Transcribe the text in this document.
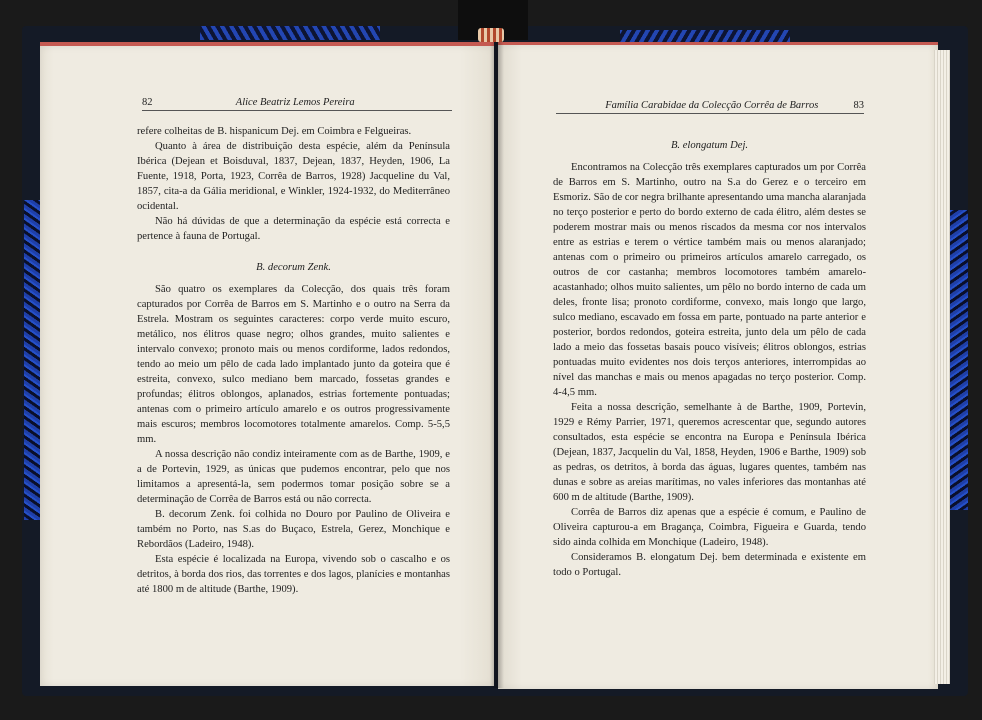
82	Alice Beatriz Lemos Pereira

refere colheitas de B. hispanicum Dej. em Coimbra e Felgueiras.

Quanto à área de distribuição desta espécie, além da Península Ibérica (Dejean et Boisduval, 1837, Dejean, 1837, Heyden, 1906, La Fuente, 1918, Porta, 1923, Corrêa de Barros, 1928) Jacqueline du Val, 1857, cita-a da Gália meridional, e Winkler, 1924-1932, do Mediterrâneo ocidental.

Não há dúvidas de que a determinação da espécie está correcta e pertence à fauna de Portugal.

B. decorum Zenk.

São quatro os exemplares da Colecção, dos quais três foram capturados por Corrêa de Barros em S. Martinho e o outro na Serra da Estrela. Mostram os seguintes caracteres: corpo verde muito escuro, metálico, nos élitros quase negro; olhos grandes, muito salientes e intervalo convexo; pronoto mais ou menos cordiforme, lados redondos, tendo ao meio um pêlo de cada lado implantado junto da goteira que é estreita, convexo, sulco mediano bem marcado, fossetas grandes e profundas; élitros oblongos, aplanados, estrias fortemente pontuadas; antenas com o primeiro artículo amarelo e os outros progressivamente mais escuros; membros locomotores totalmente amarelos. Comp. 5-5,5 mm.

A nossa descrição não condiz inteiramente com as de Barthe, 1909, e a de Portevin, 1929, as únicas que pudemos encontrar, pelo que nos limitamos a apresentá-la, sem podermos tomar posição sobre se a determinação de Corrêa de Barros está ou não correcta.

B. decorum Zenk. foi colhida no Douro por Paulino de Oliveira e também no Porto, nas S.as do Buçaco, Estrela, Gerez, Monchique e Rebordãos (Ladeiro, 1948).

Esta espécie é localizada na Europa, vivendo sob o cascalho e os detritos, à borda dos rios, das torrentes e dos lagos, planícies e montanhas até 1800 m de altitude (Barthe, 1909).

Família Carabidae da Colecção Corrêa de Barros	83

B. elongatum Dej.

Encontramos na Colecção três exemplares capturados um por Corrêa de Barros em S. Martinho, outro na S.a do Gerez e o terceiro em Esmoriz. São de cor negra brilhante apresentando uma mancha alaranjada no terço posterior e perto do bordo externo de cada élitro, além destes se poderem mostrar mais ou menos riscados da mesma cor nos intervalos entre as estrias e terem o vértice também mais ou menos alaranjado; antenas com o primeiro ou primeiros artículos amarelo carregado, os outros de cor castanha; membros locomotores também amarelo-acastanhado; olhos muito salientes, um pêlo no bordo interno de cada um deles, fronte lisa; pronoto cordiforme, convexo, mais longo que largo, sulco mediano, escavado em fossa em parte, pontuado na parte anterior e posterior, bordos redondos, goteira estreita, junto dela um pêlo de cada lado a meio das fossetas basais pouco visíveis; élitros oblongos, estrias pontuadas muito evidentes nos dois terços anteriores, interrompidas ao nível das manchas e mais ou menos apagadas no terço posterior. Comp. 4-4,5 mm.

Feita a nossa descrição, semelhante à de Barthe, 1909, Portevin, 1929 e Rémy Parrier, 1971, queremos acrescentar que, segundo autores consultados, esta espécie se encontra na Europa e Península Ibérica (Dejean, 1837, Jacquelin du Val, 1858, Heyden, 1906 e Barthe, 1909) sob as pedras, os detritos, à borda das águas, lugares quentes, também nas dunas e sobre as areias marítimas, no vales inferiores das montanhas até 600 m de altitude (Barthe, 1909).

Corrêa de Barros diz apenas que a espécie é comum, e Paulino de Oliveira capturou-a em Bragança, Coimbra, Figueira e Guarda, tendo sido ainda colhida em Monchique (Ladeiro, 1948).

Consideramos B. elongatum Dej. bem determinada e existente em todo o Portugal.
